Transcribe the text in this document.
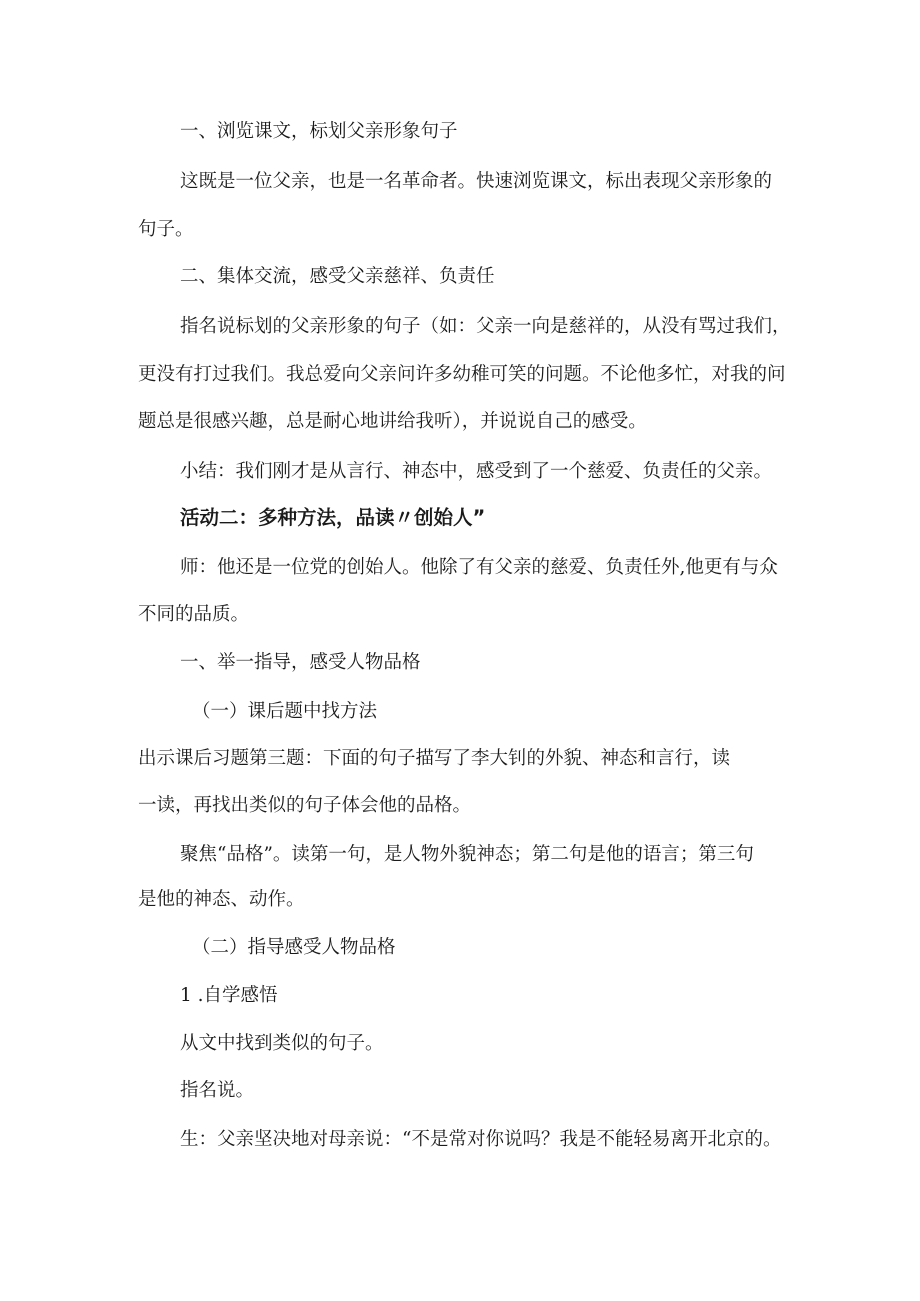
一、浏览课文，标划父亲形象句子
这既是一位父亲，也是一名革命者。快速浏览课文，标出表现父亲形象的
句子。
二、集体交流，感受父亲慈祥、负责任
指名说标划的父亲形象的句子（如：父亲一向是慈祥的，从没有骂过我们，
更没有打过我们。我总爱向父亲问许多幼稚可笑的问题。不论他多忙，对我的问
题总是很感兴趣，总是耐心地讲给我听），并说说自己的感受。
小结：我们刚才是从言行、神态中，感受到了一个慈爱、负责任的父亲。
活动二：多种方法，品读〃创始人”
师：他还是一位党的创始人。他除了有父亲的慈爱、负责任外,他更有与众
不同的品质。
一、举一指导，感受人物品格
（一）课后题中找方法
出示课后习题第三题：下面的句子描写了李大钊的外貌、神态和言行，读
一读，再找出类似的句子体会他的品格。
聚焦“品格”。读第一句，是人物外貌神态；第二句是他的语言；第三句
是他的神态、动作。
（二）指导感受人物品格
1 .自学感悟
从文中找到类似的句子。
指名说。
生：父亲坚决地对母亲说：“不是常对你说吗？我是不能轻易离开北京的。
